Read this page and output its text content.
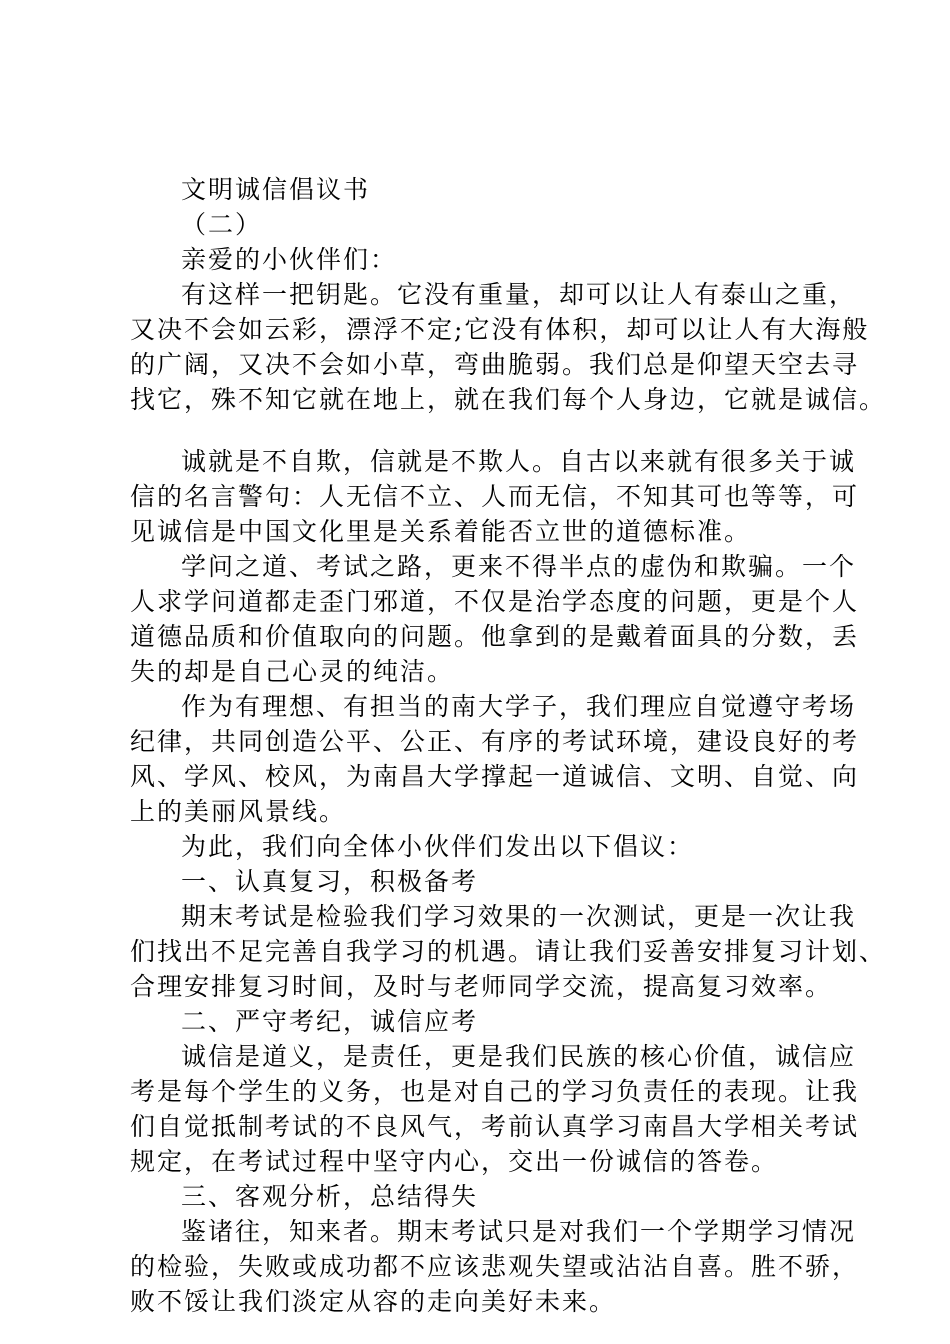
文明诚信倡议书
（二）
亲爱的小伙伴们：
有这样一把钥匙。它没有重量，却可以让人有泰山之重，
又决不会如云彩，漂浮不定;它没有体积，却可以让人有大海般
的广阔，又决不会如小草，弯曲脆弱。我们总是仰望天空去寻
找它，殊不知它就在地上，就在我们每个人身边，它就是诚信。
诚就是不自欺，信就是不欺人。自古以来就有很多关于诚
信的名言警句：人无信不立、人而无信，不知其可也等等，可
见诚信是中国文化里是关系着能否立世的道德标准。
学问之道、考试之路，更来不得半点的虚伪和欺骗。一个
人求学问道都走歪门邪道，不仅是治学态度的问题，更是个人
道德品质和价值取向的问题。他拿到的是戴着面具的分数，丢
失的却是自己心灵的纯洁。
作为有理想、有担当的南大学子，我们理应自觉遵守考场
纪律，共同创造公平、公正、有序的考试环境，建设良好的考
风、学风、校风，为南昌大学撑起一道诚信、文明、自觉、向
上的美丽风景线。
为此，我们向全体小伙伴们发出以下倡议：
一、认真复习，积极备考
期末考试是检验我们学习效果的一次测试，更是一次让我
们找出不足完善自我学习的机遇。请让我们妥善安排复习计划、
合理安排复习时间，及时与老师同学交流，提高复习效率。
二、严守考纪，诚信应考
诚信是道义，是责任，更是我们民族的核心价值，诚信应
考是每个学生的义务，也是对自己的学习负责任的表现。让我
们自觉抵制考试的不良风气，考前认真学习南昌大学相关考试
规定，在考试过程中坚守内心，交出一份诚信的答卷。
三、客观分析，总结得失
鉴诸往，知来者。期末考试只是对我们一个学期学习情况
的检验，失败或成功都不应该悲观失望或沾沾自喜。胜不骄，
败不馁让我们淡定从容的走向美好未来。
